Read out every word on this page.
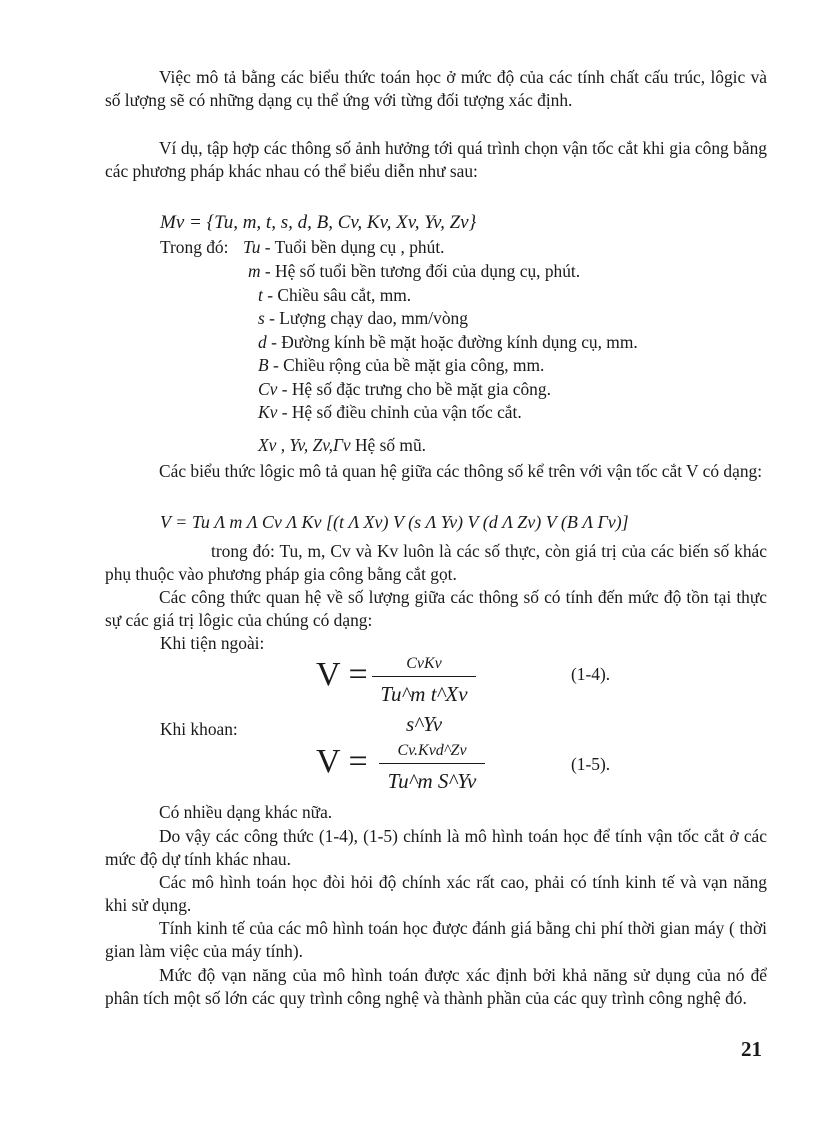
Việc mô tả bằng các biểu thức toán học ở mức độ của các tính chất cấu trúc, lôgic và số lượng sẽ có những dạng cụ thể ứng với từng đối tượng xác định.

Ví dụ, tập hợp các thông số ảnh hưởng tới quá trình chọn vận tốc cắt khi gia công bằng các phương pháp khác nhau có thể biểu diễn như sau:

Mv = {Tu, m, t, s, d, B, Cv, Kv, Xv, Yv, Zv}
Trong đó: Tu - Tuổi bền dụng cụ , phút.
m - Hệ số tuổi bền tương đối của dụng cụ, phút.
t - Chiều sâu cắt, mm.
s - Lượng chạy dao, mm/vòng
d - Đường kính bề mặt hoặc đường kính dụng cụ, mm.
B - Chiều rộng của bề mặt gia công, mm.
Cv - Hệ số đặc trưng cho bề mặt gia công.
Kv - Hệ số điều chỉnh của vận tốc cắt.
Xv , Yv, Zv,Γv Hệ số mũ.

Các biểu thức lôgic mô tả quan hệ giữa các thông số kể trên với vận tốc cắt V có dạng:

V = Tu Λ m Λ Cv Λ Kv [(t Λ Xv) V (s Λ Yv) V (d Λ Zv) V (B Λ Γv)]

trong đó: Tu, m, Cv và Kv luôn là các số thực, còn giá trị của các biến số khác phụ thuộc vào phương pháp gia công bằng cắt gọt.

Các công thức quan hệ về số lượng giữa các thông số có tính đến mức độ tồn tại thực sự các giá trị lôgic của chúng có dạng:

Khi tiện ngoài:
V =	CvKv
Tu^m t^Xv s^Yv
(1-4).
Khi khoan:
V =	Cv.Kvd^Zv
Tu^m S^Yv
(1-5).

Có nhiều dạng khác nữa.

Do vậy các công thức (1-4), (1-5) chính là mô hình toán học để tính vận tốc cắt ở các mức độ dự tính khác nhau.

Các mô hình toán học đòi hỏi độ chính xác rất cao, phải có tính kinh tế và vạn năng khi sử dụng.

Tính kinh tế của các mô hình toán học được đánh giá bằng chi phí thời gian máy ( thời gian làm việc của máy tính).

Mức độ vạn năng của mô hình toán được xác định bởi khả năng sử dụng của nó để phân tích một số lớn các quy trình công nghệ và thành phần của các quy trình công nghệ đó.

21
